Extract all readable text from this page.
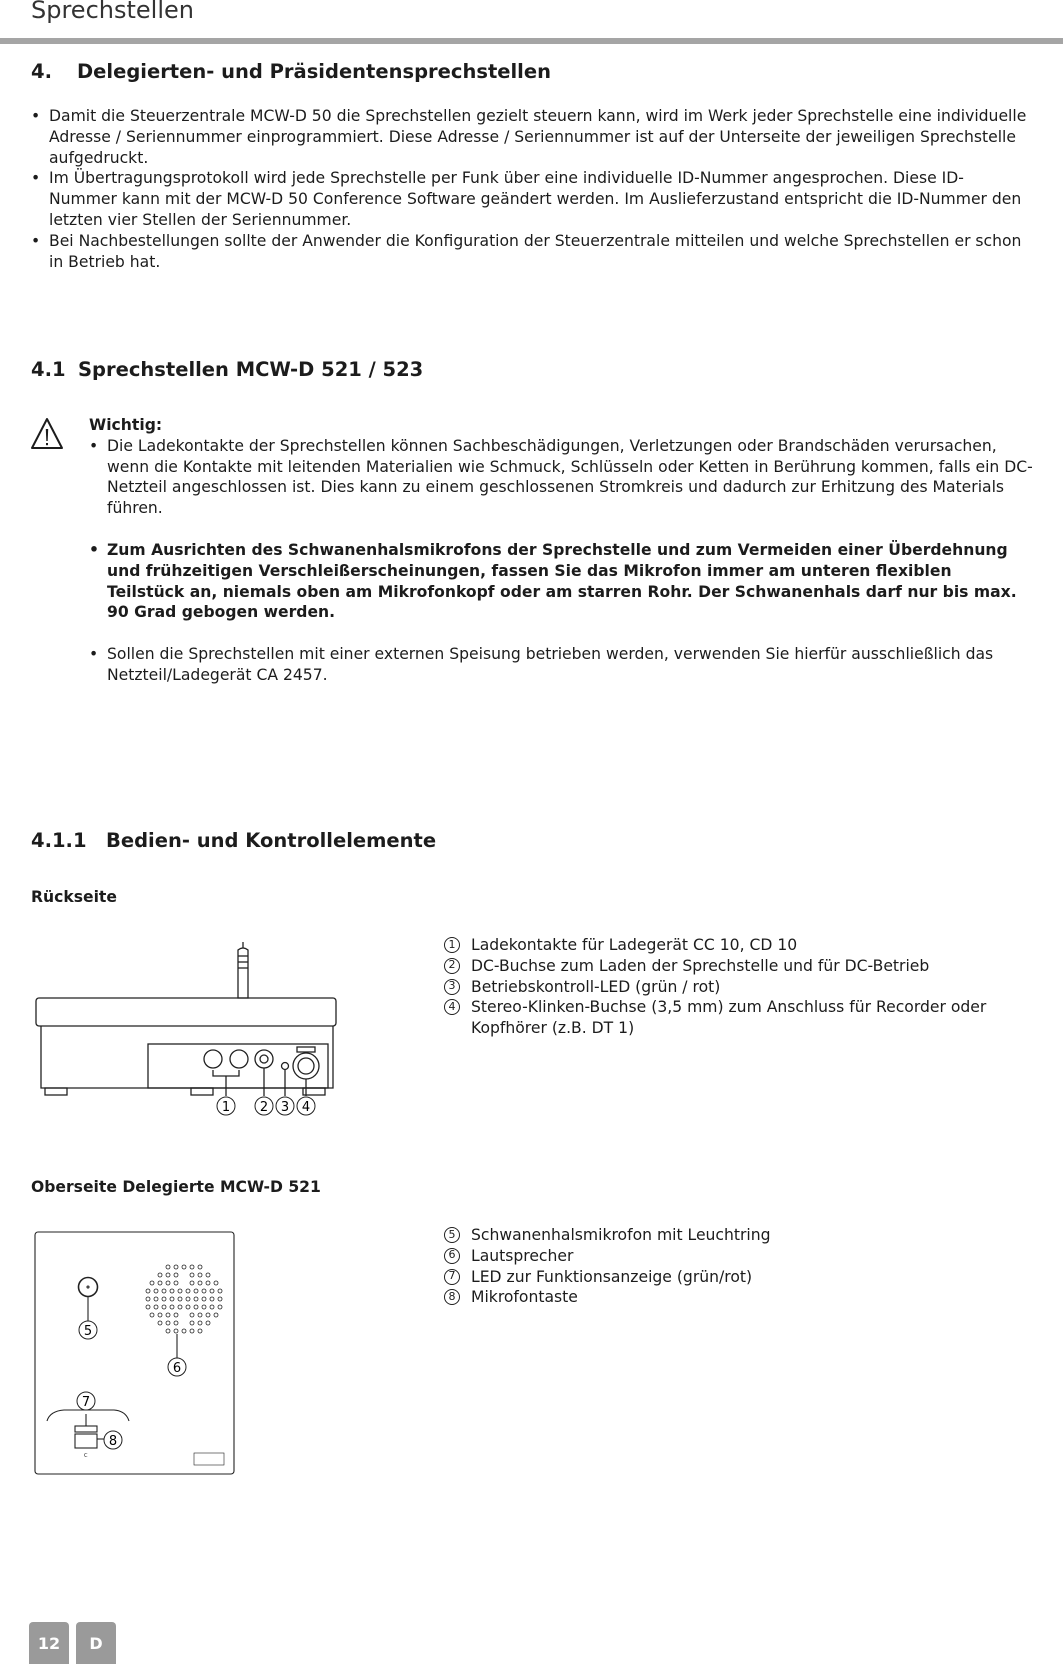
Sprechstellen
4. Delegierten- und Präsidentensprechstellen
• Damit die Steuerzentrale MCW-D 50 die Sprechstellen gezielt steuern kann, wird im Werk jeder Sprechstelle eine individuelle Adresse / Seriennummer einprogrammiert. Diese Adresse / Seriennummer ist auf der Unterseite der jeweiligen Sprechstelle aufgedruckt.
• Im Übertragungsprotokoll wird jede Sprechstelle per Funk über eine individuelle ID-Nummer angesprochen. Diese ID-Nummer kann mit der MCW-D 50 Conference Software geändert werden. Im Auslieferzustand entspricht die ID-Nummer den letzten vier Stellen der Seriennummer.
• Bei Nachbestellungen sollte der Anwender die Konfiguration der Steuerzentrale mitteilen und welche Sprechstellen er schon in Betrieb hat.
4.1 Sprechstellen MCW-D 521 / 523
Wichtig:
• Die Ladekontakte der Sprechstellen können Sachbeschädigungen, Verletzungen oder Brandschäden verursachen, wenn die Kontakte mit leitenden Materialien wie Schmuck, Schlüsseln oder Ketten in Berührung kommen, falls ein DC-Netzteil angeschlossen ist. Dies kann zu einem geschlossenen Stromkreis und dadurch zur Erhitzung des Materials führen.
• Zum Ausrichten des Schwanenhalsmikrofons der Sprechstelle und zum Vermeiden einer Überdehnung und frühzeitigen Verschleißerscheinungen, fassen Sie das Mikrofon immer am unteren flexiblen Teilstück an, niemals oben am Mikrofonkopf oder am starren Rohr. Der Schwanenhals darf nur bis max. 90 Grad gebogen werden.
• Sollen die Sprechstellen mit einer externen Speisung betrieben werden, verwenden Sie hierfür ausschließlich das Netzteil/Ladegerät CA 2457.
4.1.1 Bedien- und Kontrollelemente
Rückseite
1 2 3 4
1 Ladekontakte für Ladegerät CC 10, CD 10
2 DC-Buchse zum Laden der Sprechstelle und für DC-Betrieb
3 Betriebskontroll-LED (grün / rot)
4 Stereo-Klinken-Buchse (3,5 mm) zum Anschluss für Recorder oder Kopfhörer (z.B. DT 1)
Oberseite Delegierte MCW-D 521
C
5
6
7
8
5 Schwanenhalsmikrofon mit Leuchtring
6 Lautsprecher
7 LED zur Funktionsanzeige (grün/rot)
8 Mikrofontaste
12	D
